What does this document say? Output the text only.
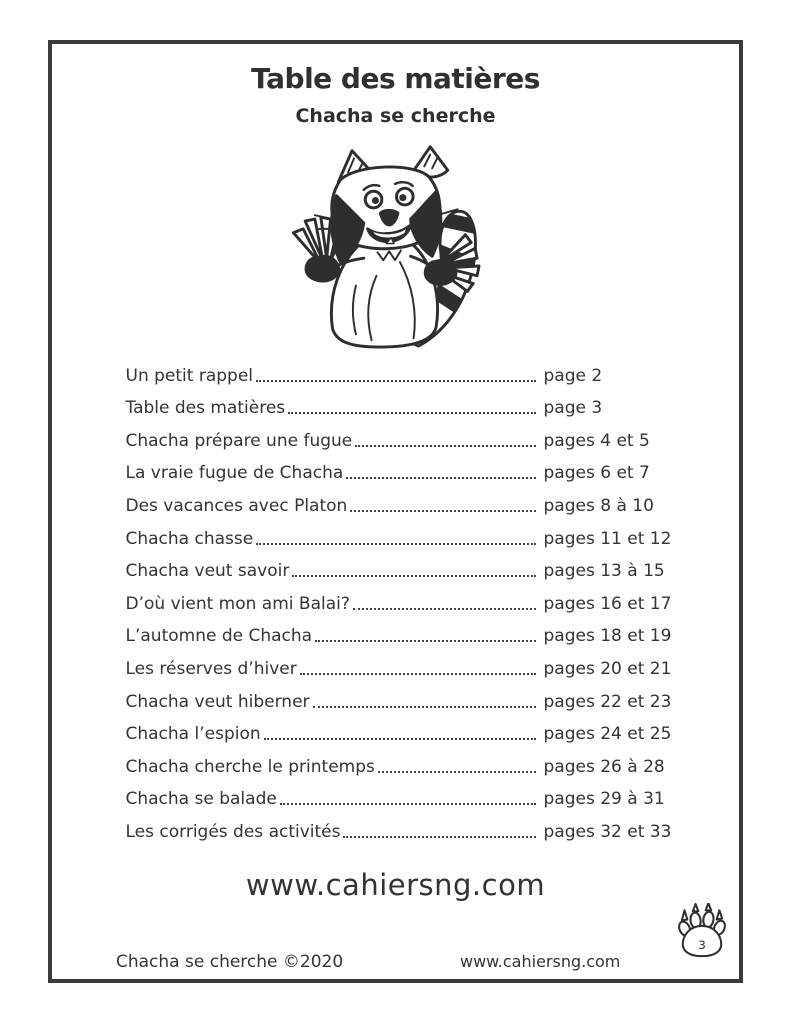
Table des matières
Chacha se cherche
Un petit rappel	page 2
Table des matières	page 3
Chacha prépare une fugue	pages 4 et 5
La vraie fugue de Chacha	pages 6 et 7
Des vacances avec Platon	pages 8 à 10
Chacha chasse	pages 11 et 12
Chacha veut savoir	pages 13 à 15
D’où vient mon ami Balai?	pages 16 et 17
L’automne de Chacha	pages 18 et 19
Les réserves d’hiver	pages 20 et 21
Chacha veut hiberner	pages 22 et 23
Chacha l’espion	pages 24 et 25
Chacha cherche le printemps	pages 26 à 28
Chacha se balade	pages 29 à 31
Les corrigés des activités	pages 32 et 33
www.cahiersng.com
Chacha se cherche ©2020	www.cahiersng.com
3
